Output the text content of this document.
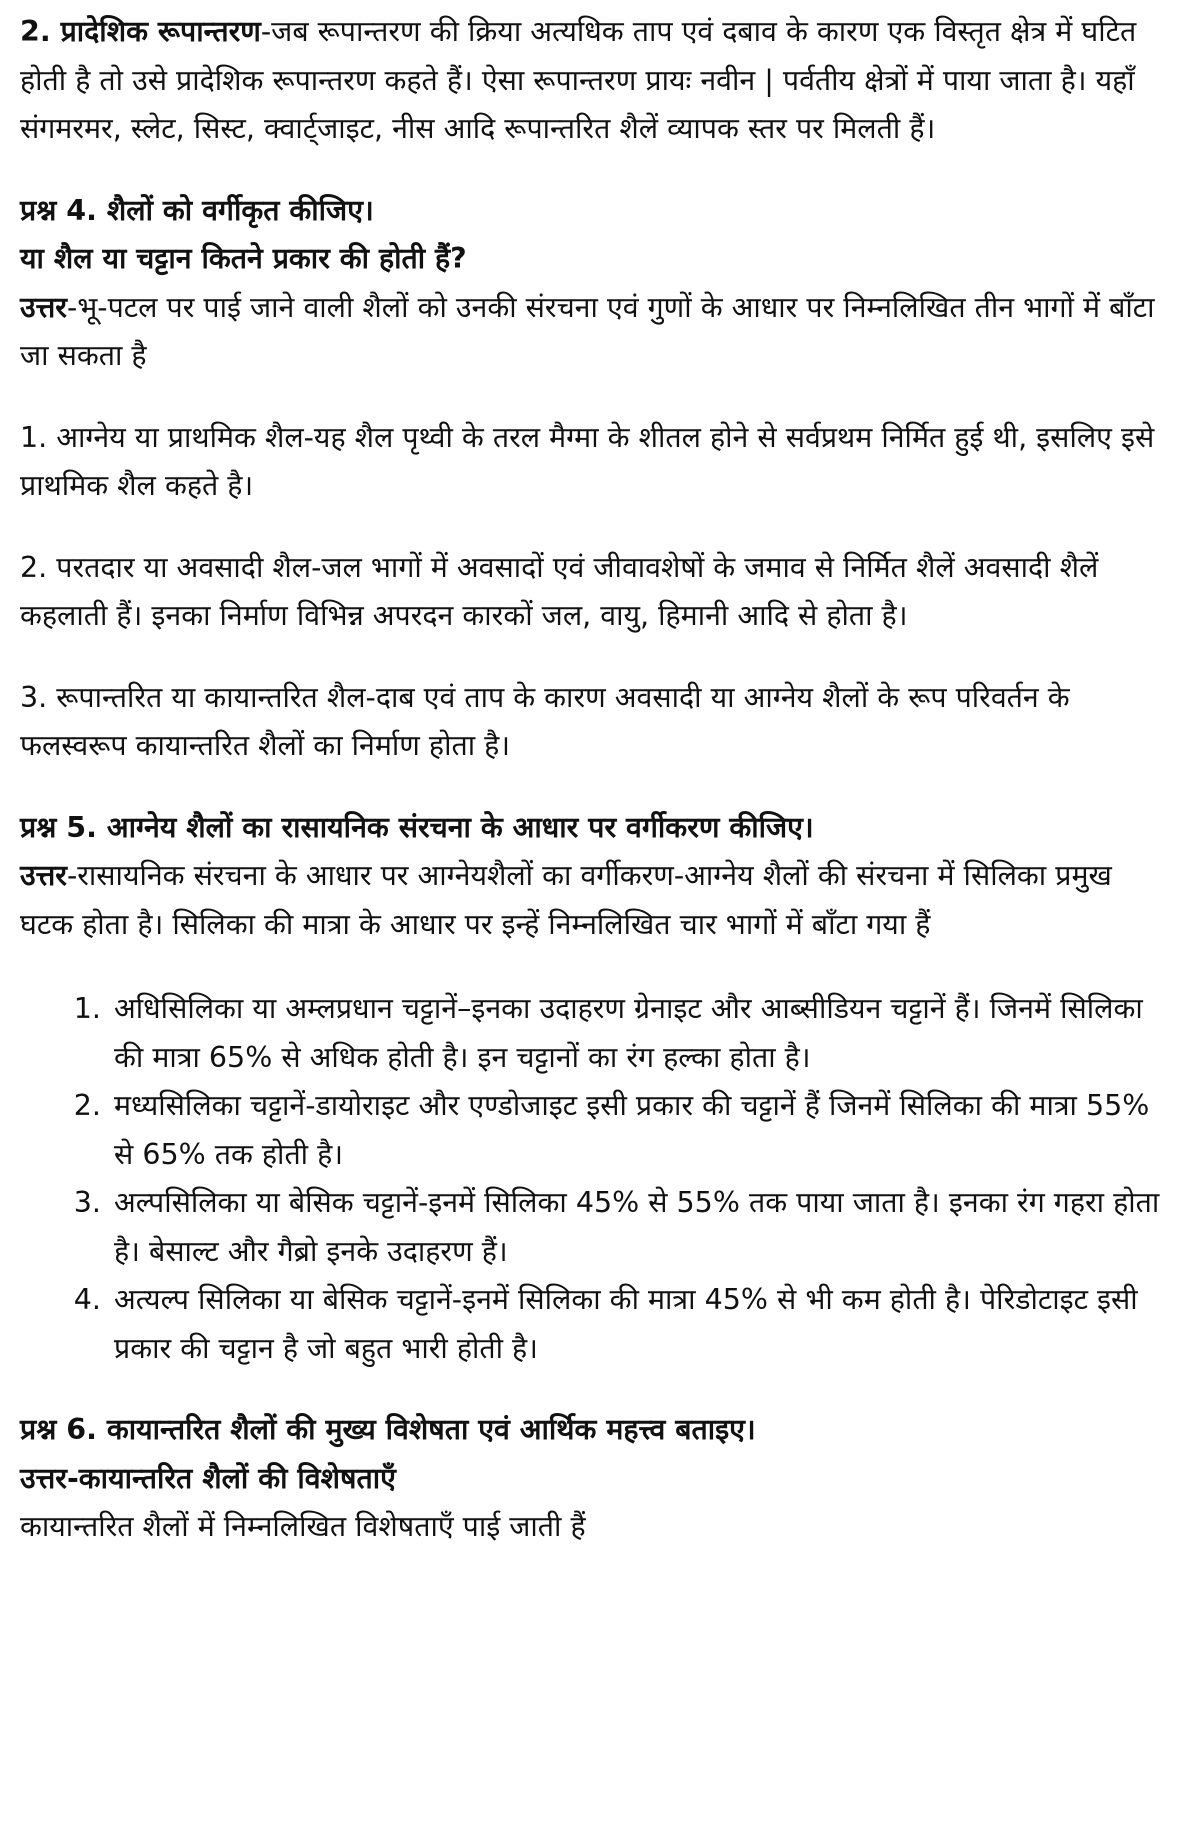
2. प्रादेशिक रूपान्तरण-जब रूपान्तरण की क्रिया अत्यधिक ताप एवं दबाव के कारण एक विस्तृत क्षेत्र में घटित होती है तो उसे प्रादेशिक रूपान्तरण कहते हैं। ऐसा रूपान्तरण प्रायः नवीन | पर्वतीय क्षेत्रों में पाया जाता है। यहाँ संगमरमर, स्लेट, सिस्ट, क्वार्ट्जाइट, नीस आदि रूपान्तरित शैलें व्यापक स्तर पर मिलती हैं।

प्रश्न 4. शैलों को वर्गीकृत कीजिए।

या शैल या चट्टान कितने प्रकार की होती हैं?

उत्तर-भू-पटल पर पाई जाने वाली शैलों को उनकी संरचना एवं गुणों के आधार पर निम्नलिखित तीन भागों में बाँटा जा सकता है

1. आग्नेय या प्राथमिक शैल-यह शैल पृथ्वी के तरल मैग्मा के शीतल होने से सर्वप्रथम निर्मित हुई थी, इसलिए इसे प्राथमिक शैल कहते है।

2. परतदार या अवसादी शैल-जल भागों में अवसादों एवं जीवावशेषों के जमाव से निर्मित शैलें अवसादी शैलें कहलाती हैं। इनका निर्माण विभिन्न अपरदन कारकों जल, वायु, हिमानी आदि से होता है।

3. रूपान्तरित या कायान्तरित शैल-दाब एवं ताप के कारण अवसादी या आग्नेय शैलों के रूप परिवर्तन के फलस्वरूप कायान्तरित शैलों का निर्माण होता है।

प्रश्न 5. आग्नेय शैलों का रासायनिक संरचना के आधार पर वर्गीकरण कीजिए।

उत्तर-रासायनिक संरचना के आधार पर आग्नेयशैलों का वर्गीकरण-आग्नेय शैलों की संरचना में सिलिका प्रमुख घटक होता है। सिलिका की मात्रा के आधार पर इन्हें निम्नलिखित चार भागों में बाँटा गया हैं

1. अधिसिलिका या अम्लप्रधान चट्टानें–इनका उदाहरण ग्रेनाइट और आब्सीडियन चट्टानें हैं। जिनमें सिलिका की मात्रा 65% से अधिक होती है। इन चट्टानों का रंग हल्का होता है।
2. मध्यसिलिका चट्टानें-डायोराइट और एण्डोजाइट इसी प्रकार की चट्टानें हैं जिनमें सिलिका की मात्रा 55% से 65% तक होती है।
3. अल्पसिलिका या बेसिक चट्टानें-इनमें सिलिका 45% से 55% तक पाया जाता है। इनका रंग गहरा होता है। बेसाल्ट और गैब्रो इनके उदाहरण हैं।
4. अत्यल्प सिलिका या बेसिक चट्टानें-इनमें सिलिका की मात्रा 45% से भी कम होती है। पेरिडोटाइट इसी प्रकार की चट्टान है जो बहुत भारी होती है।

प्रश्न 6. कायान्तरित शैलों की मुख्य विशेषता एवं आर्थिक महत्त्व बताइए।

उत्तर-कायान्तरित शैलों की विशेषताएँ

कायान्तरित शैलों में निम्नलिखित विशेषताएँ पाई जाती हैं
